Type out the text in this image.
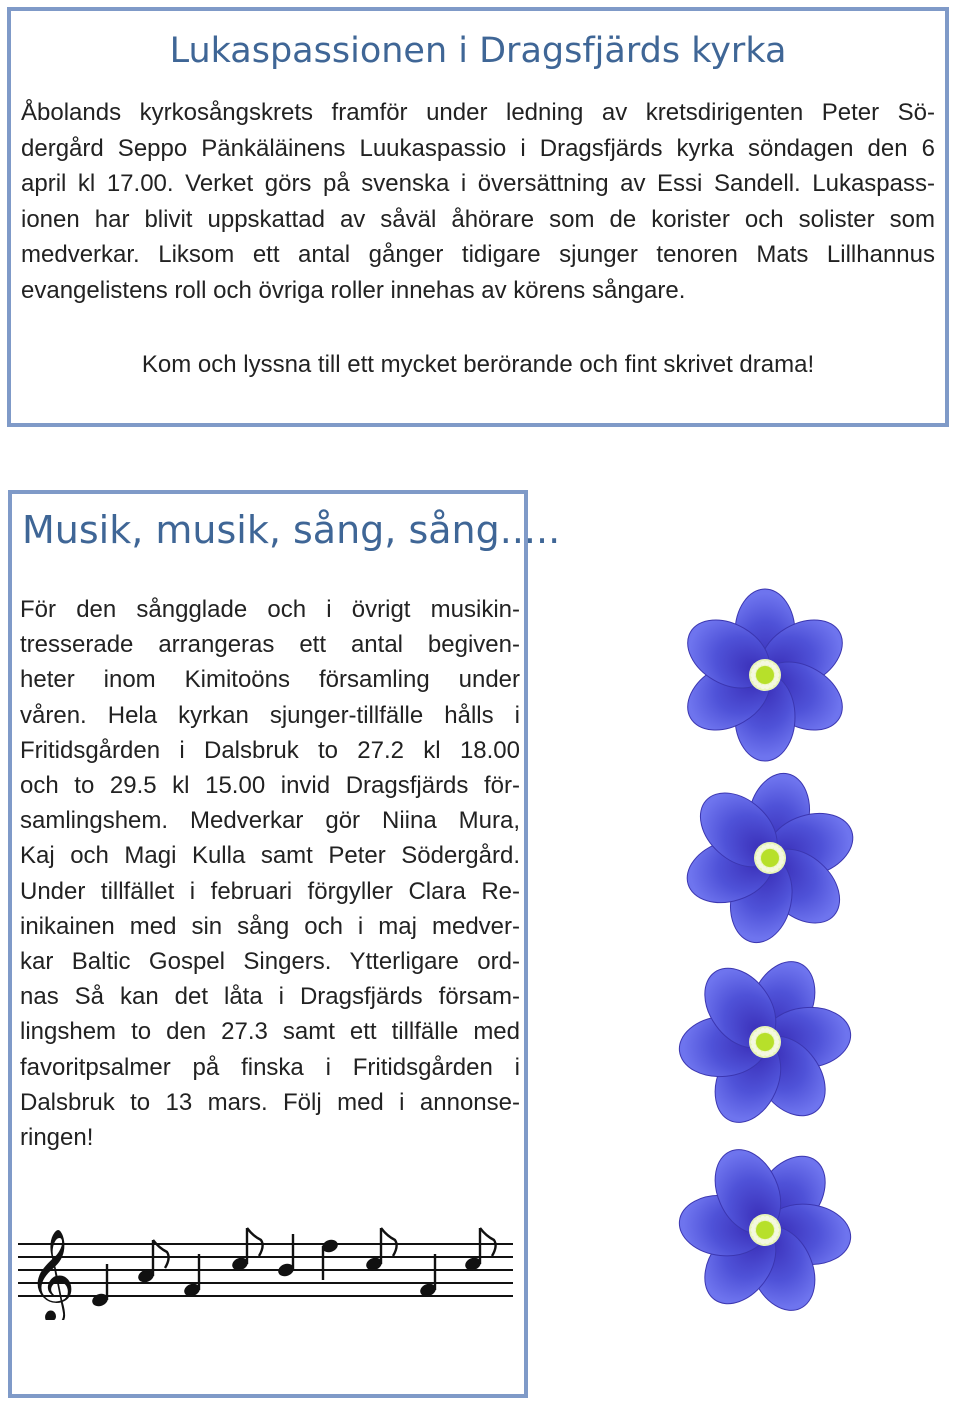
Lukaspassionen i Dragsfjärds kyrka
Åbolands kyrkosångskrets framför under ledning av kretsdirigenten Peter Sö-
dergård Seppo Pänkäläinens Luukaspassio i Dragsfjärds kyrka söndagen den 6
april kl 17.00. Verket görs på svenska i översättning av Essi Sandell. Lukaspass-
ionen har blivit uppskattad av såväl åhörare som de korister och solister som
medverkar. Liksom ett antal gånger tidigare sjunger tenoren Mats Lillhannus
evangelistens roll och övriga roller innehas av körens sångare.
Kom och lyssna till ett mycket berörande och fint skrivet drama!
Musik, musik, sång, sång.....
För den sångglade och i övrigt musikin-
tresserade arrangeras ett antal begiven-
heter inom Kimitoöns församling under
våren. Hela kyrkan sjunger-tillfälle hålls i
Fritidsgården i Dalsbruk to 27.2 kl 18.00
och to 29.5 kl 15.00 invid Dragsfjärds för-
samlingshem. Medverkar gör Niina Mura,
Kaj och Magi Kulla samt Peter Södergård.
Under tillfället i februari förgyller Clara Re-
inikainen med sin sång och i maj medver-
kar Baltic Gospel Singers. Ytterligare ord-
nas Så kan det låta i Dragsfjärds försam-
lingshem to den 27.3 samt ett tillfälle med
favoritpsalmer på finska i Fritidsgården i
Dalsbruk to 13 mars. Följ med i annonse-
ringen!
𝄞
